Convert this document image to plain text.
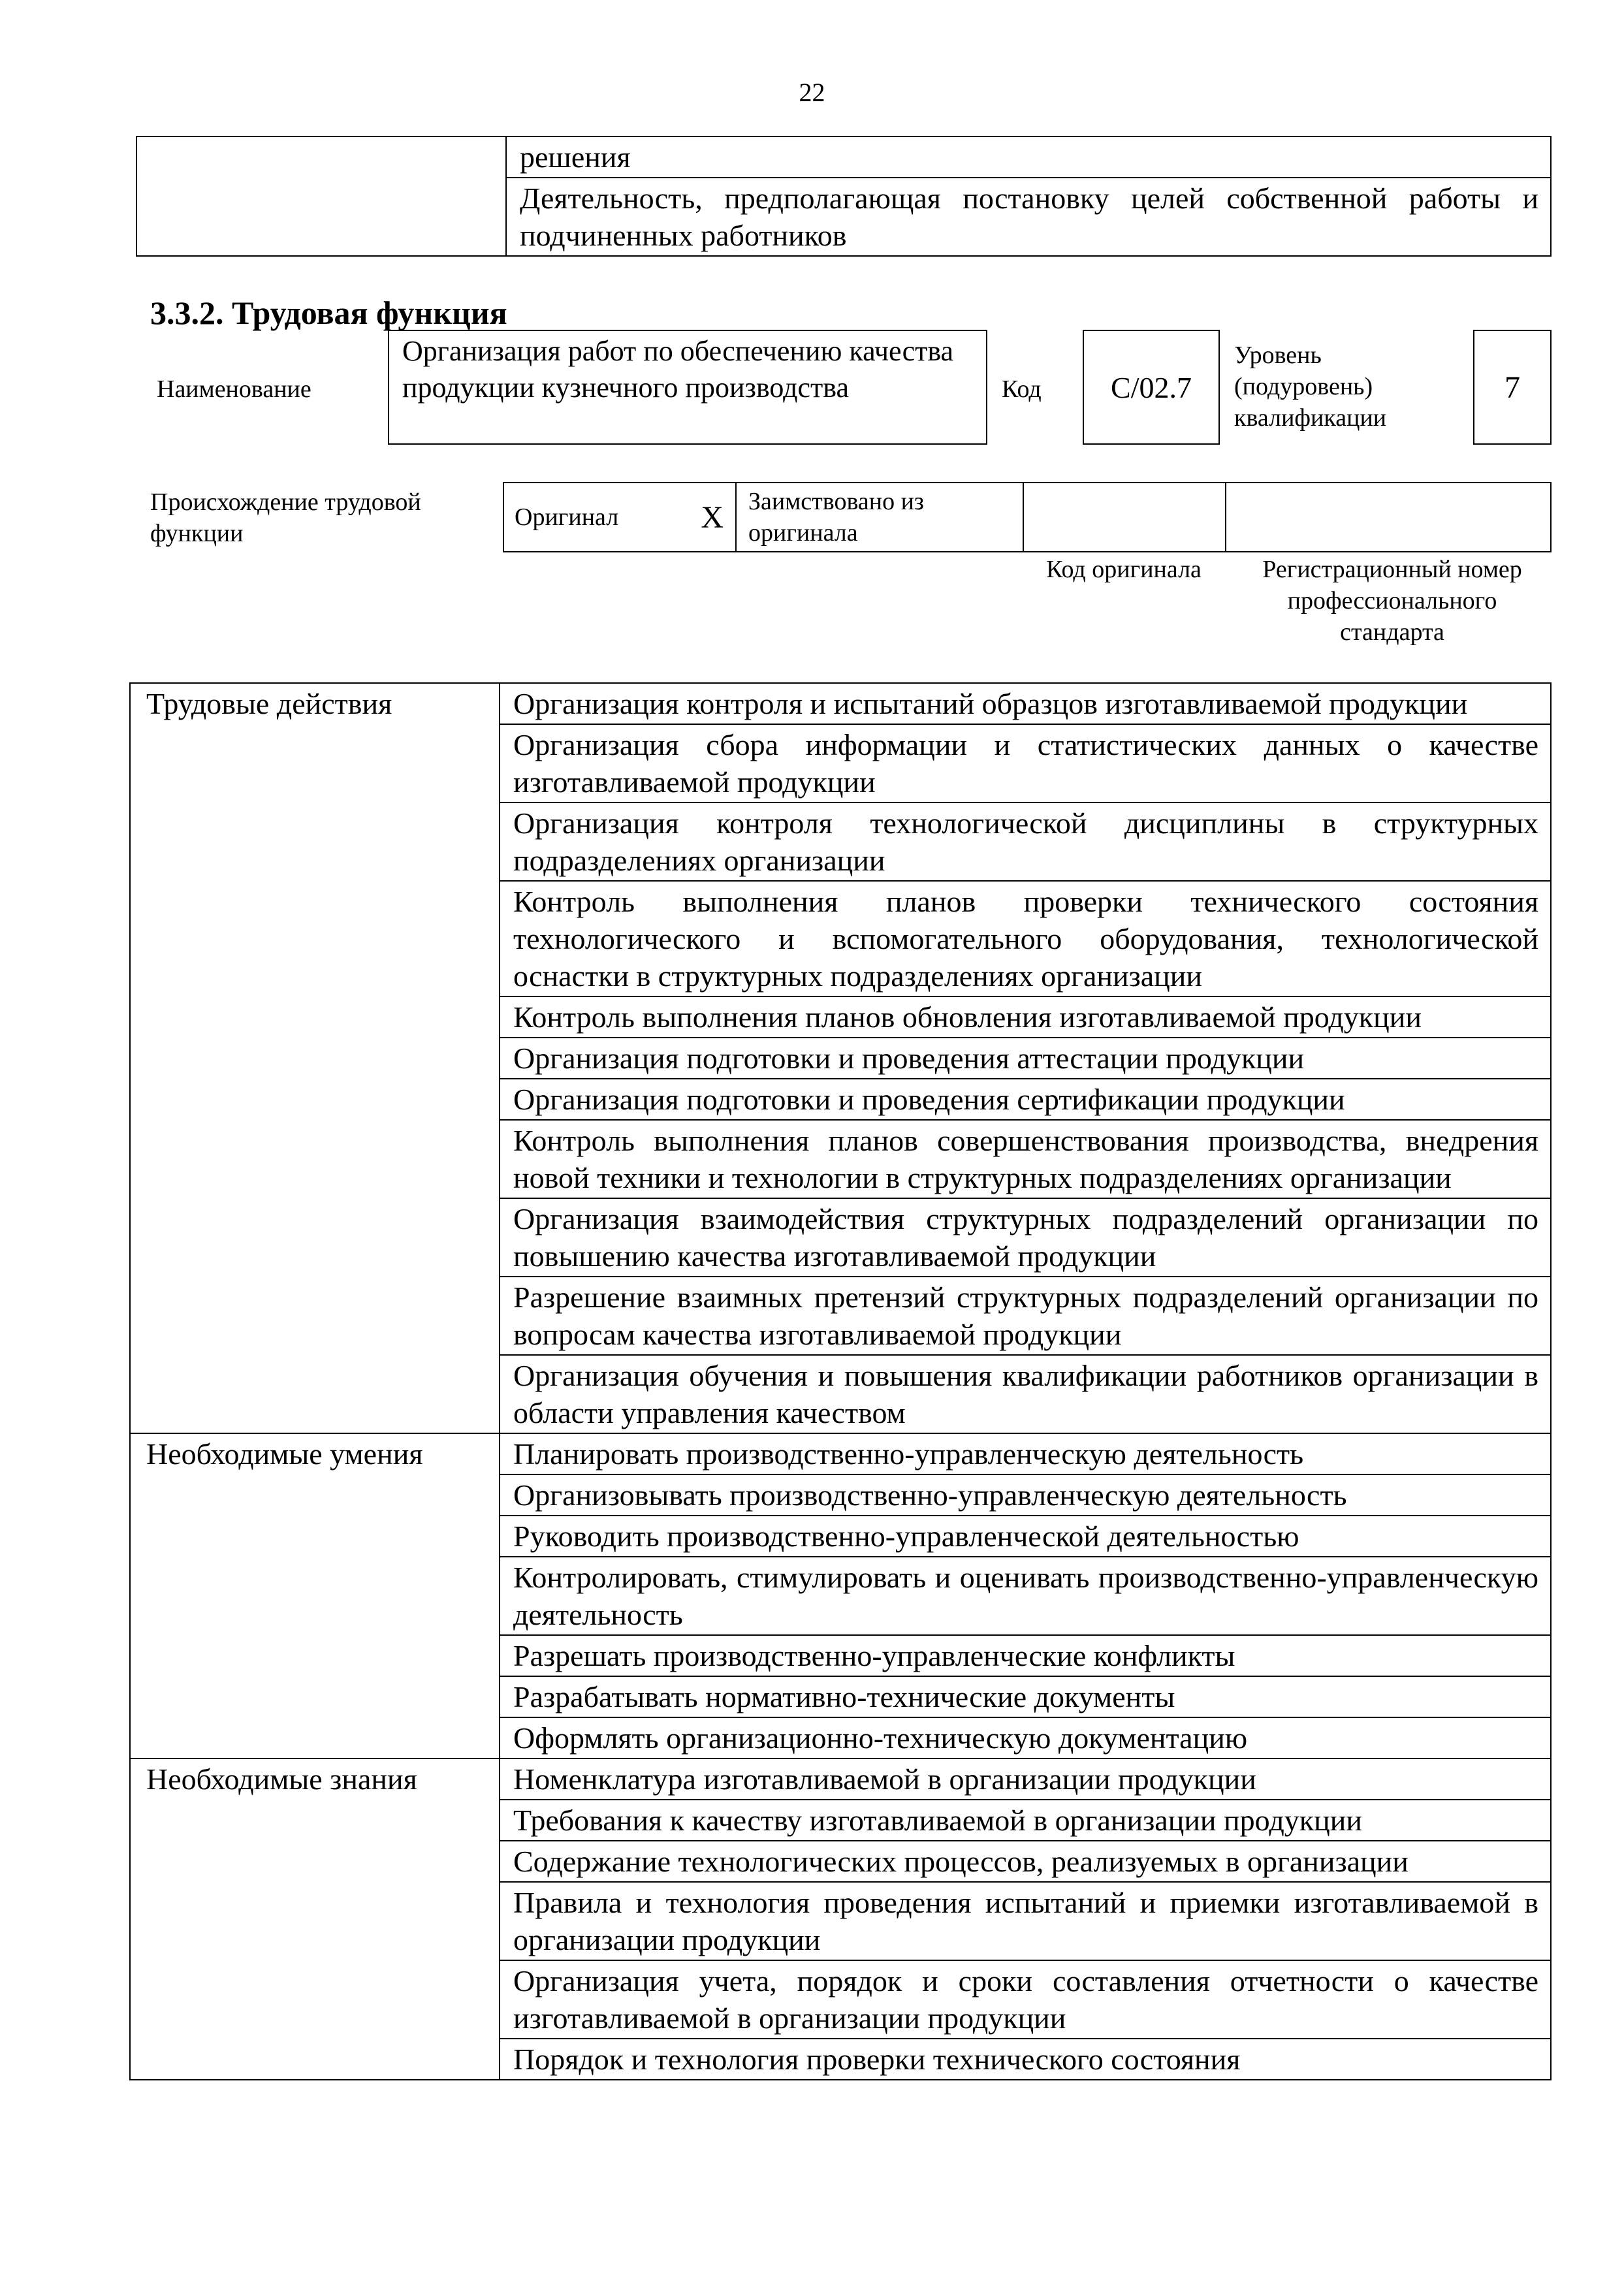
22

решения

Деятельность, предполагающая постановку целей собственной работы и подчиненных работников
3.3.2. Трудовая функция
Наименование
Организация работ по обеспечению качества продукции кузнечного производства	Код C/02.7
Уровень (подуровень) квалификации
7
Происхождение трудовой функции
Оригинал	X	Заимствовано из оригинала

Код оригинала	Регистрационный номер профессионального стандарта
Трудовые действия	Организация контроля и испытаний образцов изготавливаемой продукции

	Организация сбора информации и статистических данных о качестве изготавливаемой продукции

	Организация контроля технологической дисциплины в структурных подразделениях организации

	Контроль выполнения планов проверки технического состояния технологического и вспомогательного оборудования, технологической оснастки в структурных подразделениях организации

	Контроль выполнения планов обновления изготавливаемой продукции

	Организация подготовки и проведения аттестации продукции

	Организация подготовки и проведения сертификации продукции

	Контроль выполнения планов совершенствования производства, внедрения новой техники и технологии в структурных подразделениях организации

	Организация взаимодействия структурных подразделений организации по повышению качества изготавливаемой продукции

	Разрешение взаимных претензий структурных подразделений организации по вопросам качества изготавливаемой продукции

	Организация обучения и повышения квалификации работников организации в области управления качеством

Необходимые умения	Планировать производственно-управленческую деятельность

	Организовывать производственно-управленческую деятельность

	Руководить производственно-управленческой деятельностью

	Контролировать, стимулировать и оценивать производственно-управленческую деятельность

	Разрешать производственно-управленческие конфликты

	Разрабатывать нормативно-технические документы

	Оформлять организационно-техническую документацию

Необходимые знания	Номенклатура изготавливаемой в организации продукции

	Требования к качеству изготавливаемой в организации продукции

	Содержание технологических процессов, реализуемых в организации

	Правила и технология проведения испытаний и приемки изготавливаемой в организации продукции

	Организация учета, порядок и сроки составления отчетности о качестве изготавливаемой в организации продукции

	Порядок и технология проверки технического состояния
